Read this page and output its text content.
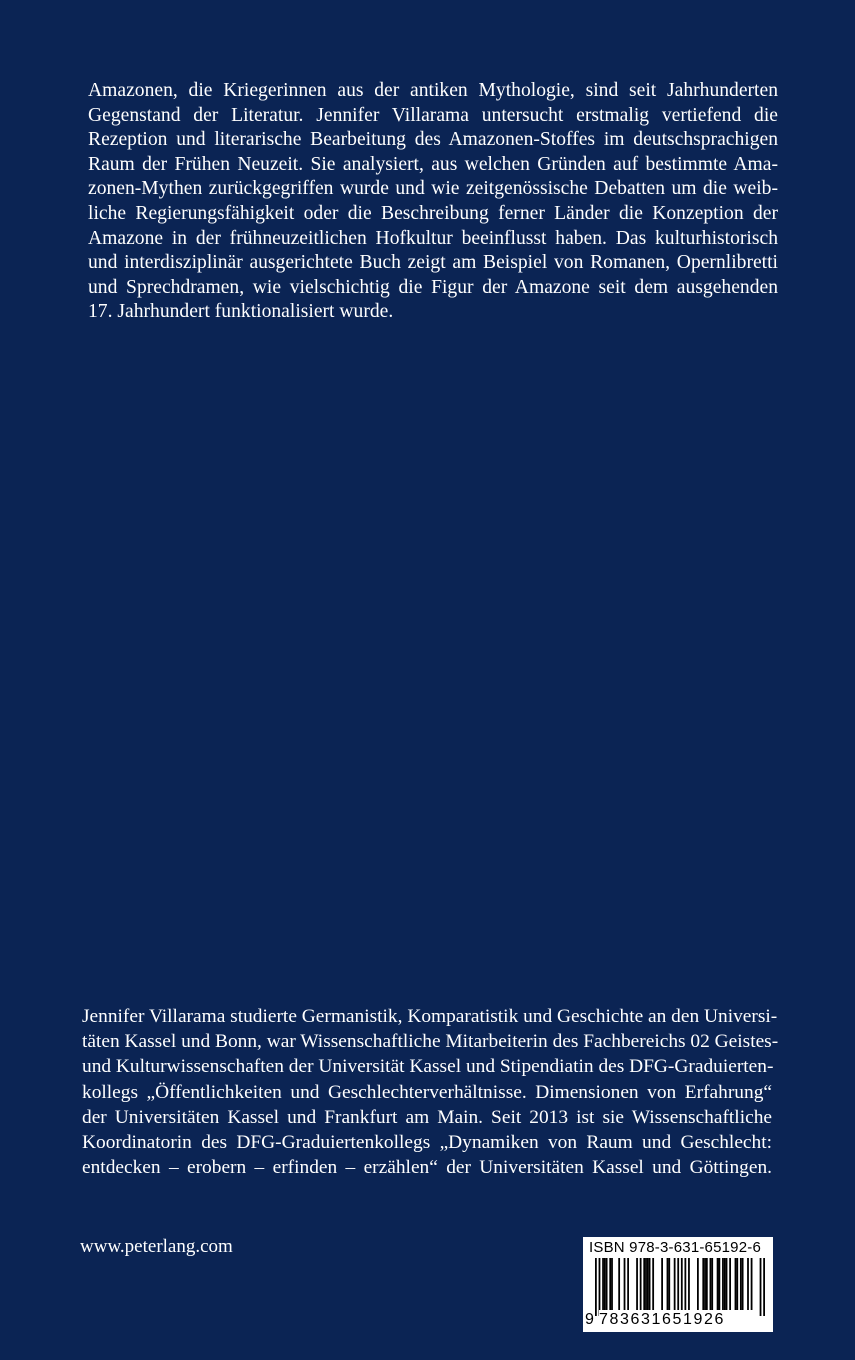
Amazonen, die Kriegerinnen aus der antiken Mythologie, sind seit Jahrhunderten
Gegenstand der Literatur. Jennifer Villarama untersucht erstmalig vertiefend die
Rezeption und literarische Bearbeitung des Amazonen-Stoffes im deutschsprachigen
Raum der Frühen Neuzeit. Sie analysiert, aus welchen Gründen auf bestimmte Ama-
zonen-Mythen zurückgegriffen wurde und wie zeitgenössische Debatten um die weib-
liche Regierungsfähigkeit oder die Beschreibung ferner Länder die Konzeption der
Amazone in der frühneuzeitlichen Hofkultur beeinflusst haben. Das kulturhistorisch
und interdisziplinär ausgerichtete Buch zeigt am Beispiel von Romanen, Opernlibretti
und Sprechdramen, wie vielschichtig die Figur der Amazone seit dem ausgehenden
17. Jahrhundert funktionalisiert wurde.
Jennifer Villarama studierte Germanistik, Komparatistik und Geschichte an den Universi-
täten Kassel und Bonn, war Wissenschaftliche Mitarbeiterin des Fachbereichs 02 Geistes-
und Kulturwissenschaften der Universität Kassel und Stipendiatin des DFG-Graduierten-
kollegs „Öffentlichkeiten und Geschlechterverhältnisse. Dimensionen von Erfahrung“
der Universitäten Kassel und Frankfurt am Main. Seit 2013 ist sie Wissenschaftliche
Koordinatorin des DFG-Graduiertenkollegs „Dynamiken von Raum und Geschlecht:
entdecken – erobern – erfinden – erzählen“ der Universitäten Kassel und Göttingen.
www.peterlang.com	ISBN 978-3-631-65192-6
9 783631651926
